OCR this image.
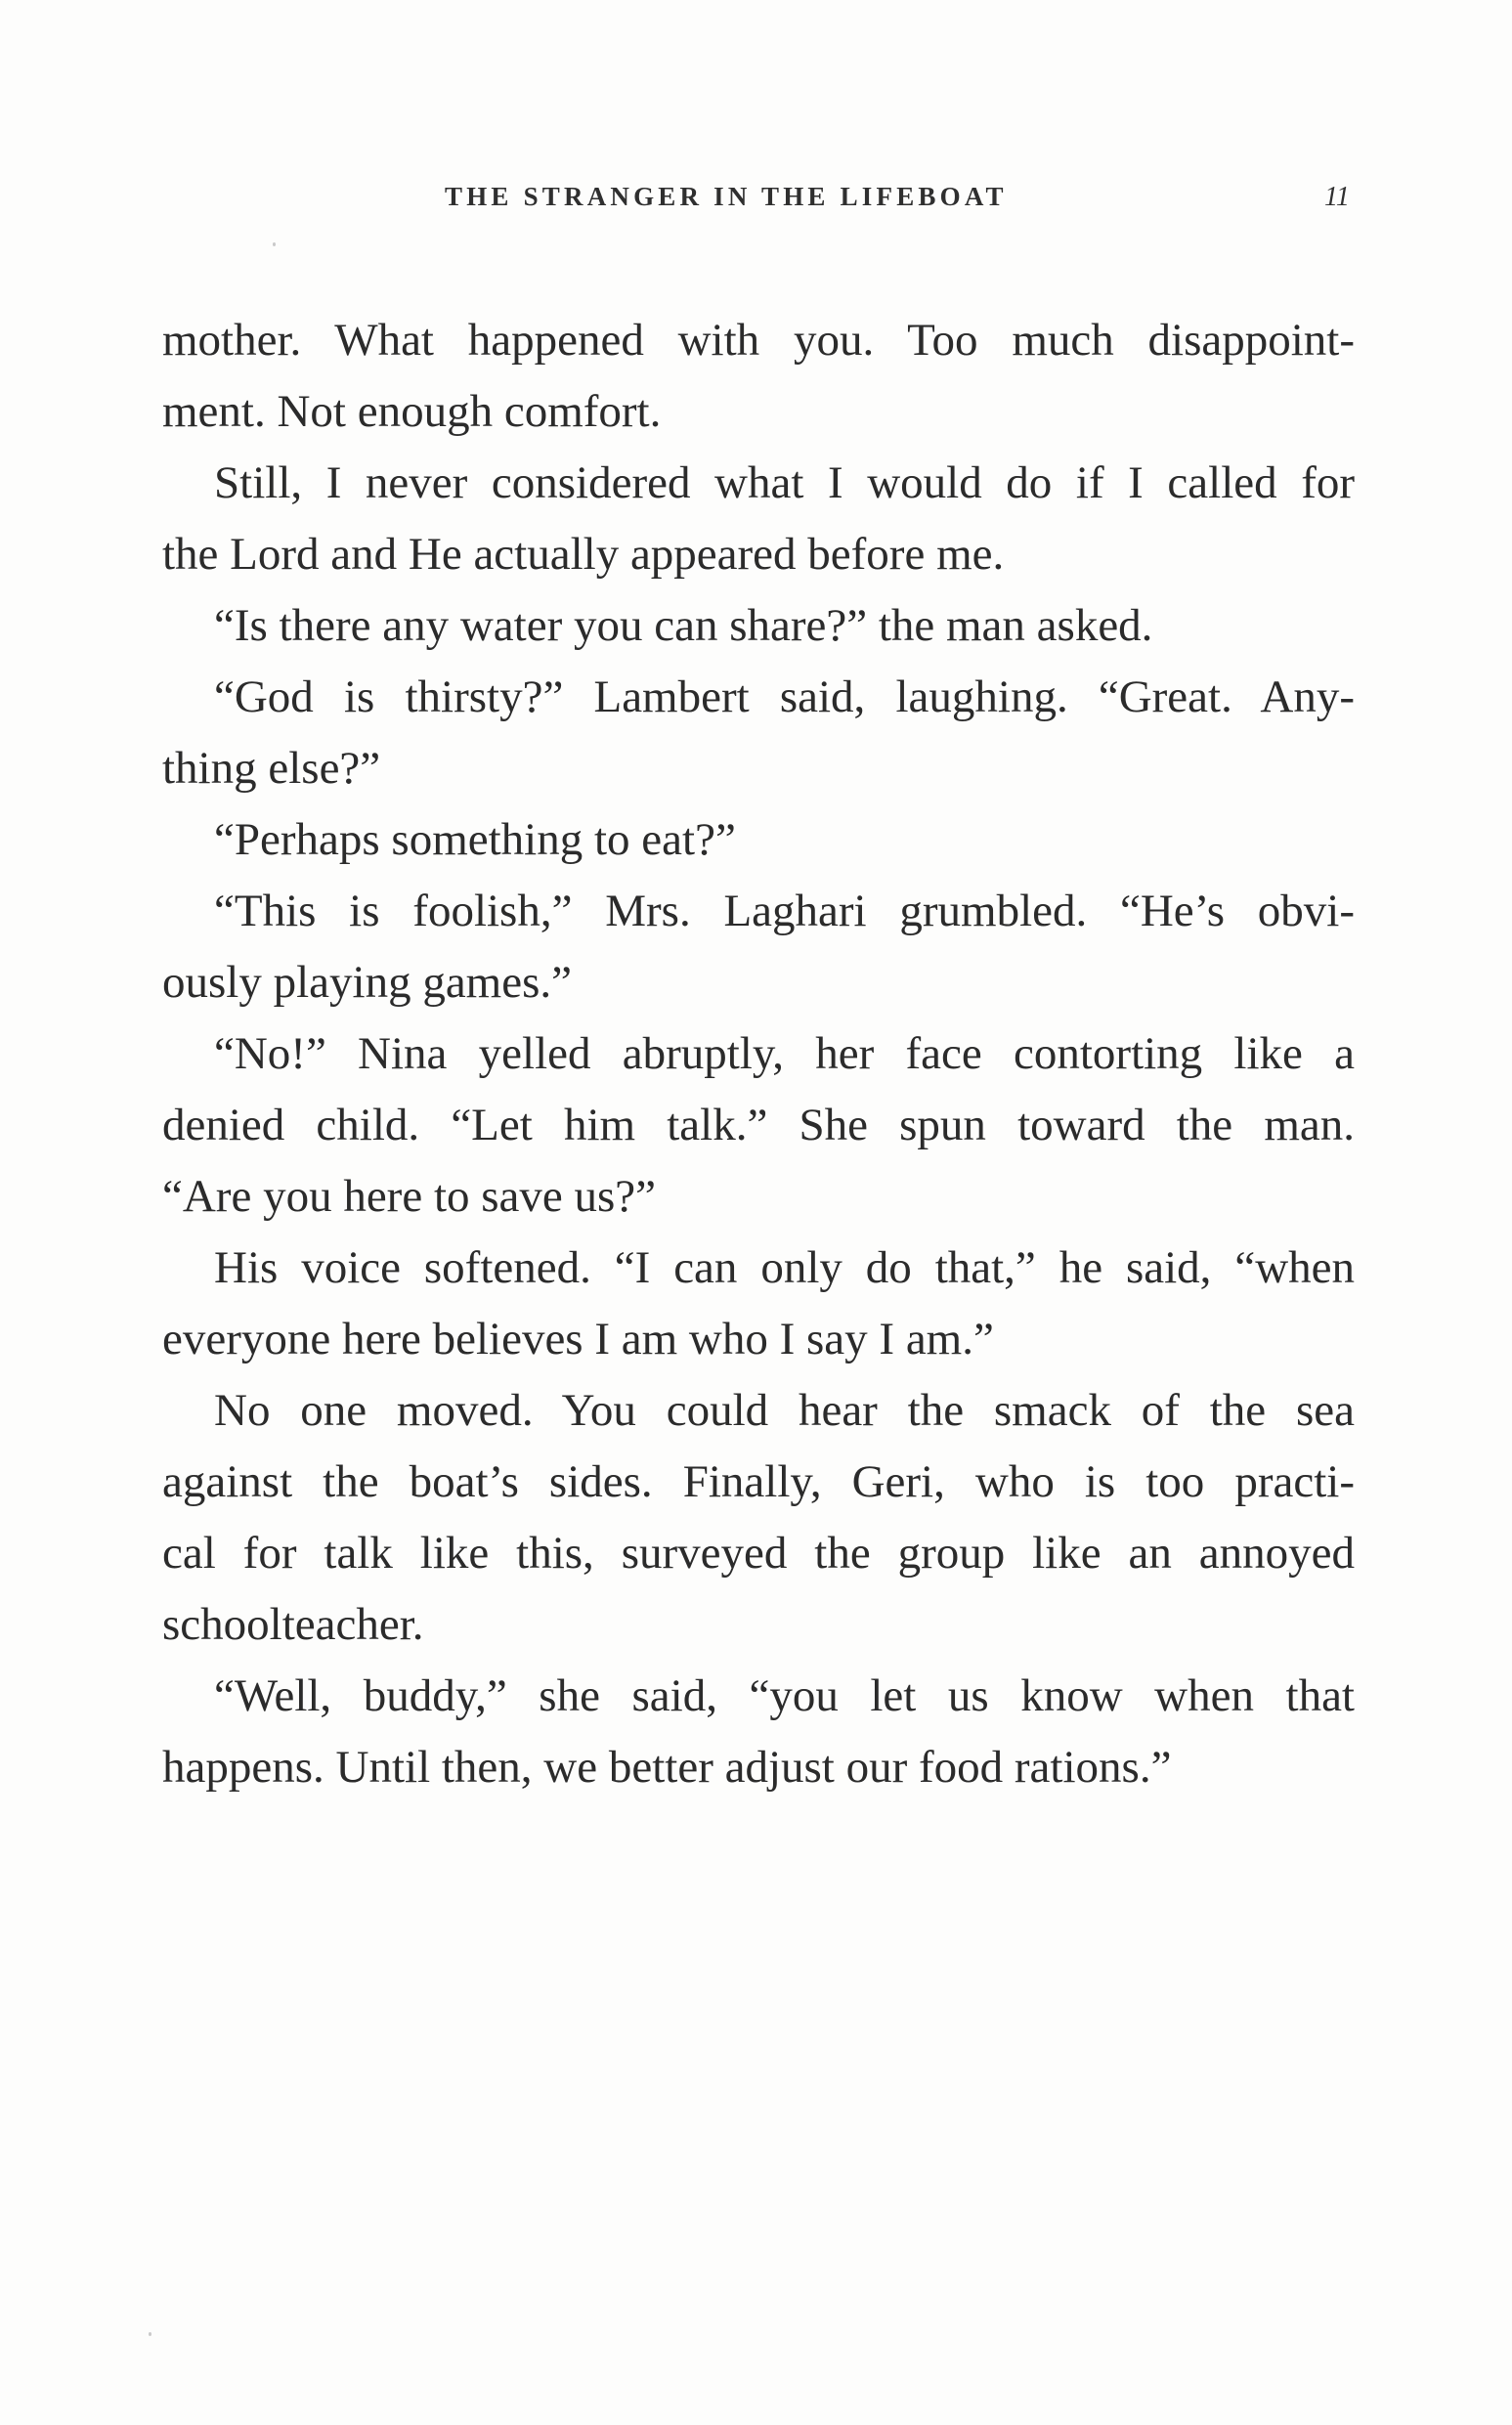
THE STRANGER IN THE LIFEBOAT	11
mother. What happened with you. Too much disappoint-
ment. Not enough comfort.
Still, I never considered what I would do if I called for
the Lord and He actually appeared before me.
“Is there any water you can share?” the man asked.
“God is thirsty?” Lambert said, laughing. “Great. Any-
thing else?”
“Perhaps something to eat?”
“This is foolish,” Mrs. Laghari grumbled. “He’s obvi-
ously playing games.”
“No!” Nina yelled abruptly, her face contorting like a
denied child. “Let him talk.” She spun toward the man.
“Are you here to save us?”
His voice softened. “I can only do that,” he said, “when
everyone here believes I am who I say I am.”
No one moved. You could hear the smack of the sea
against the boat’s sides. Finally, Geri, who is too practi-
cal for talk like this, surveyed the group like an annoyed
schoolteacher.
“Well, buddy,” she said, “you let us know when that
happens. Until then, we better adjust our food rations.”
